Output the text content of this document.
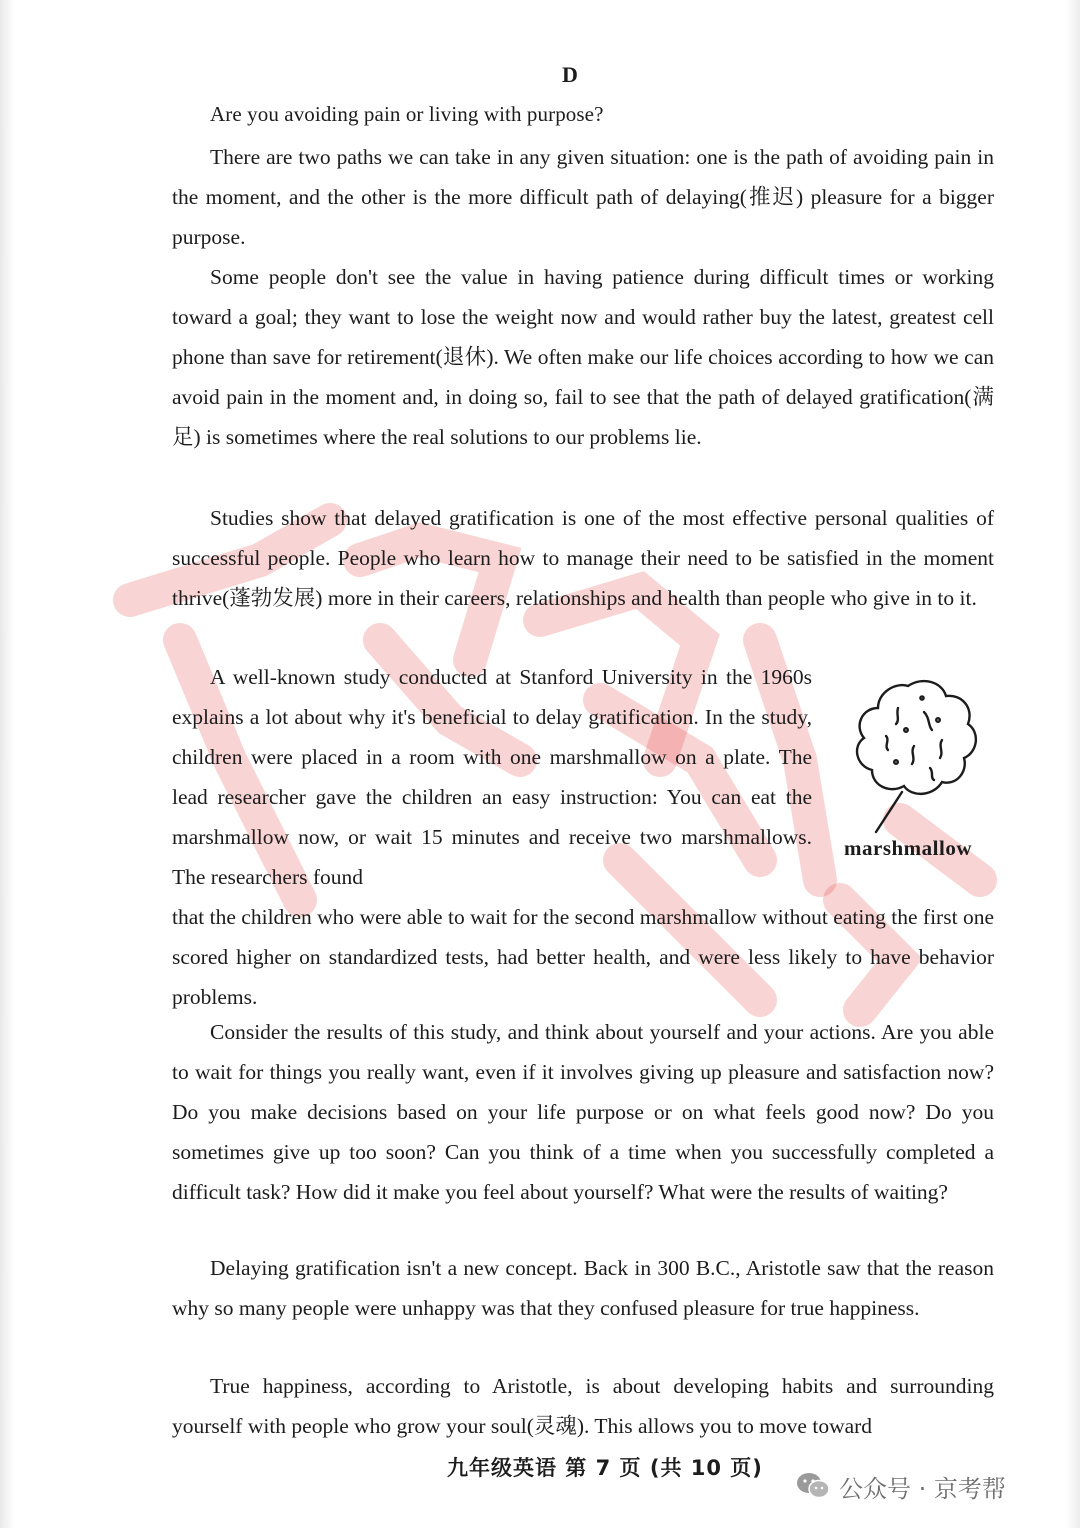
D
Are you avoiding pain or living with purpose?

There are two paths we can take in any given situation: one is the path of avoiding pain in the moment, and the other is the more difficult path of delaying(推迟) pleasure for a bigger purpose.

Some people don't see the value in having patience during difficult times or working toward a goal; they want to lose the weight now and would rather buy the latest, greatest cell phone than save for retirement(退休). We often make our life choices according to how we can avoid pain in the moment and, in doing so, fail to see that the path of delayed gratification(满足) is sometimes where the real solutions to our problems lie.

Studies show that delayed gratification is one of the most effective personal qualities of successful people. People who learn how to manage their need to be satisfied in the moment thrive(蓬勃发展) more in their careers, relationships and health than people who give in to it.

A well-known study conducted at Stanford University in the 1960s explains a lot about why it's beneficial to delay gratification. In the study, children were placed in a room with one marshmallow on a plate. The lead researcher gave the children an easy instruction: You can eat the marshmallow now, or wait 15 minutes and receive two marshmallows. The researchers found
that the children who were able to wait for the second marshmallow without eating the first one scored higher on standardized tests, had better health, and were less likely to have behavior problems.
marshmallow

Consider the results of this study, and think about yourself and your actions. Are you able to wait for things you really want, even if it involves giving up pleasure and satisfaction now? Do you make decisions based on your life purpose or on what feels good now? Do you sometimes give up too soon? Can you think of a time when you successfully completed a difficult task? How did it make you feel about yourself? What were the results of waiting?

Delaying gratification isn't a new concept. Back in 300 B.C., Aristotle saw that the reason why so many people were unhappy was that they confused pleasure for true happiness.

True happiness, according to Aristotle, is about developing habits and surrounding yourself with people who grow your soul(灵魂). This allows you to move toward

九年级英语 第 7 页 (共 10 页)
公众号 · 京考帮
